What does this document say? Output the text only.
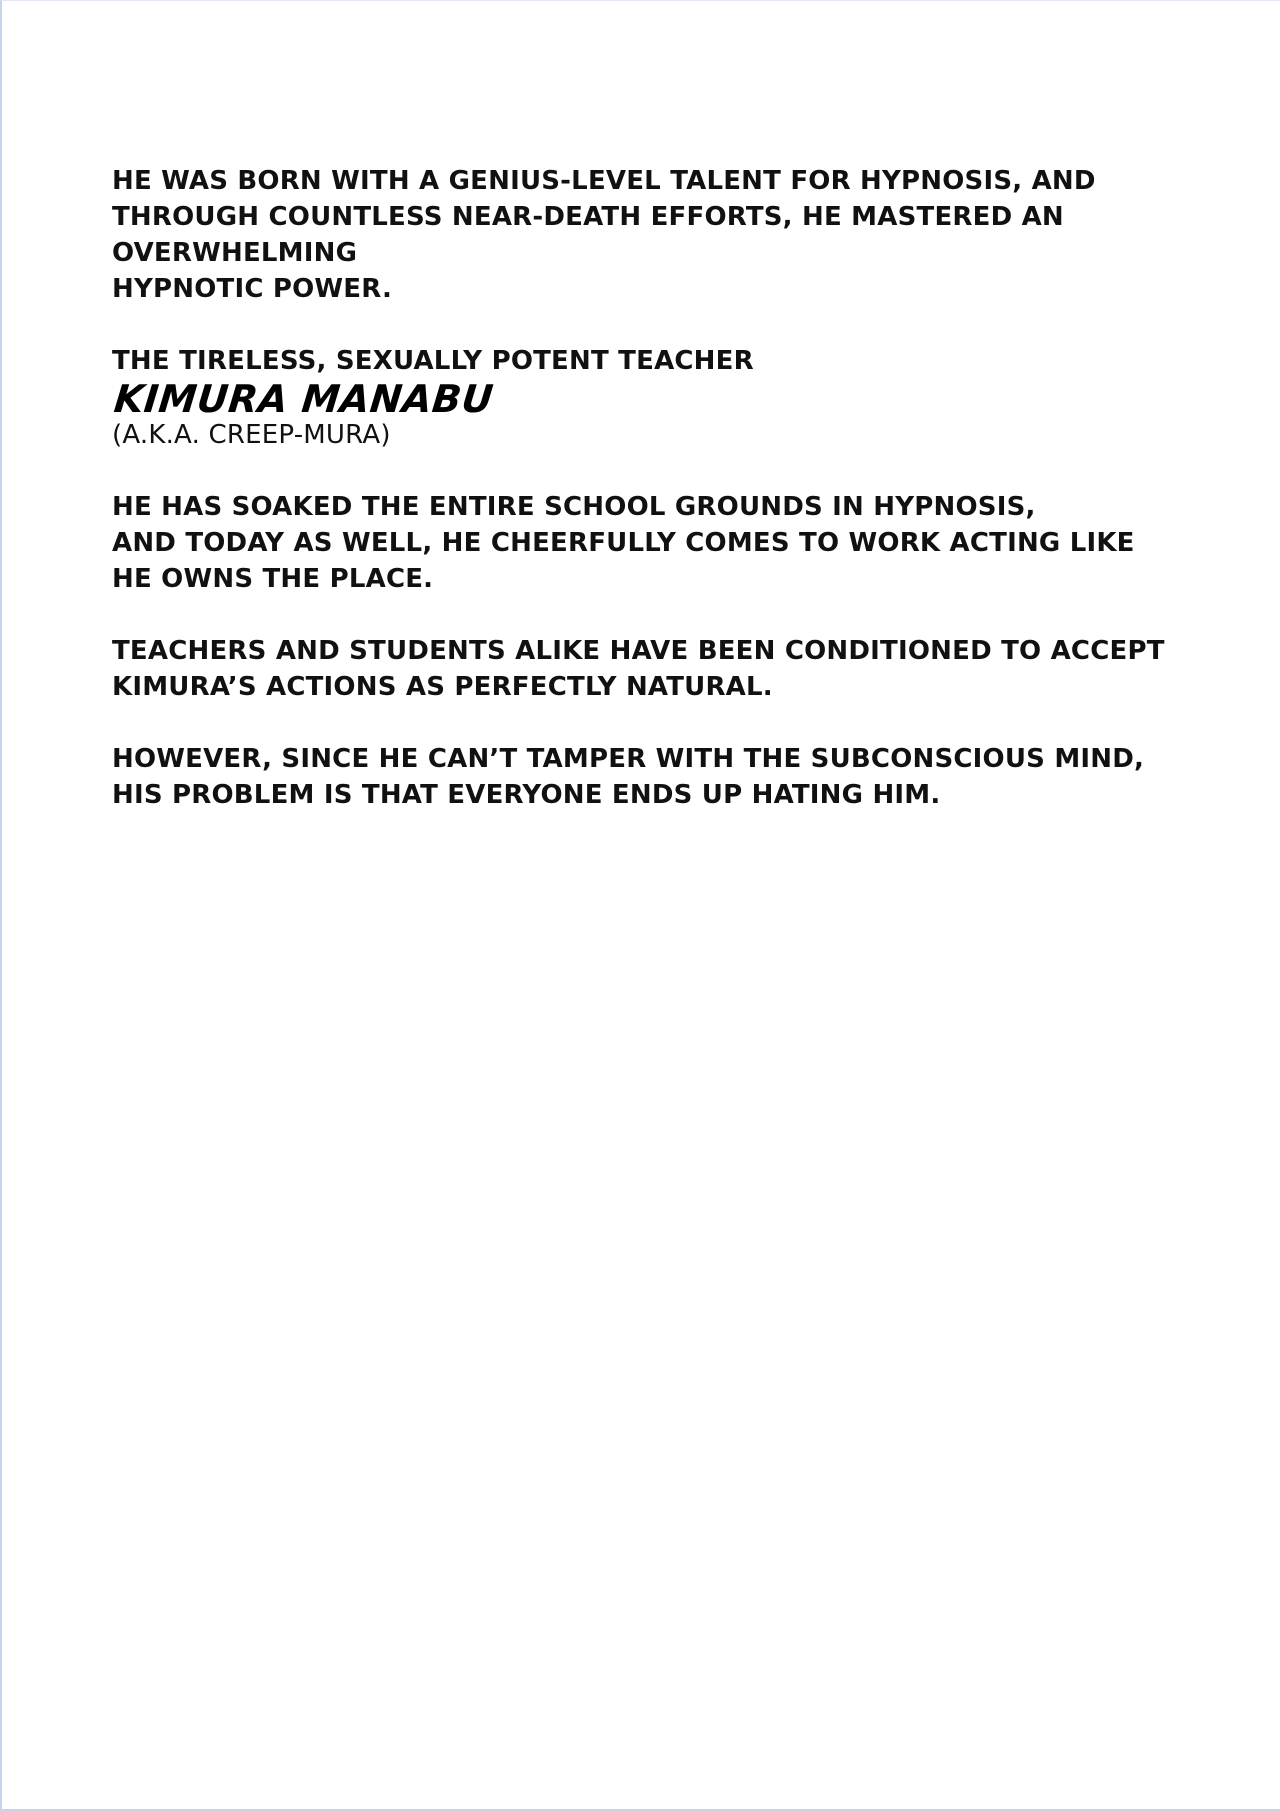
HE WAS BORN WITH A GENIUS-LEVEL TALENT FOR HYPNOSIS, AND
THROUGH COUNTLESS NEAR-DEATH EFFORTS, HE MASTERED AN
OVERWHELMING
HYPNOTIC POWER.
THE TIRELESS, SEXUALLY POTENT TEACHER
KIMURA MANABU
(A.K.A. CREEP-MURA)
HE HAS SOAKED THE ENTIRE SCHOOL GROUNDS IN HYPNOSIS,
AND TODAY AS WELL, HE CHEERFULLY COMES TO WORK ACTING LIKE
HE OWNS THE PLACE.
TEACHERS AND STUDENTS ALIKE HAVE BEEN CONDITIONED TO ACCEPT
KIMURA’S ACTIONS AS PERFECTLY NATURAL.
HOWEVER, SINCE HE CAN’T TAMPER WITH THE SUBCONSCIOUS MIND,
HIS PROBLEM IS THAT EVERYONE ENDS UP HATING HIM.
